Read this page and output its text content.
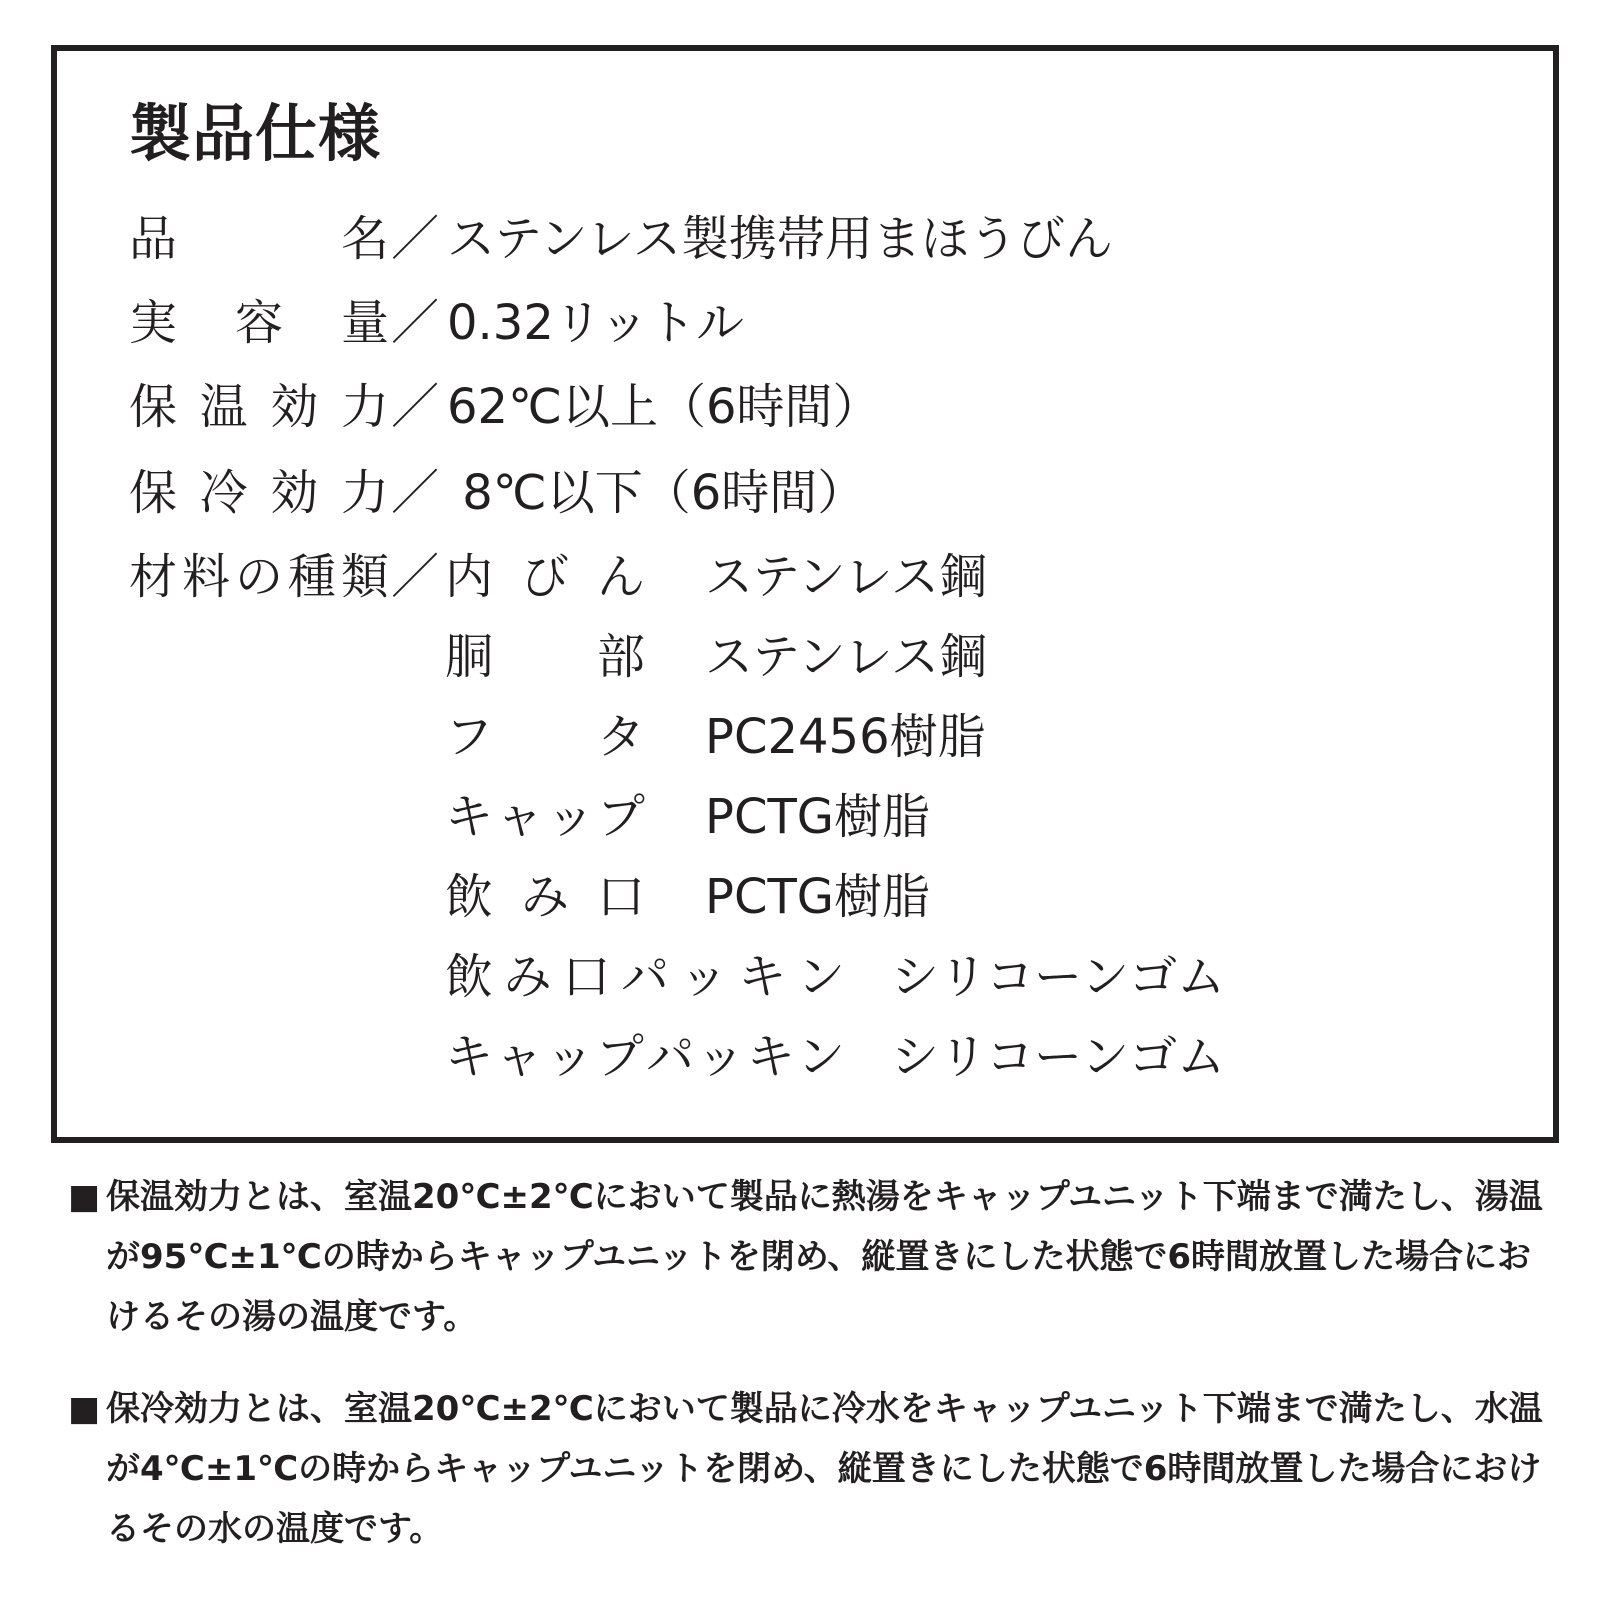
製品仕様
品	名 ／ ステンレス製携帯用まほうびん
実 容 量 ／ 0.32リットル
保 温 効 力 ／ 62℃以上（6時間）
保 冷 効 力 ／ 8℃以下（6時間）
材 料 の 種 類 ／ 内 び ん ステンレス鋼
胴 部 ステンレス鋼
フ タ PC2456樹脂
キ ャ ッ プ PCTG樹脂
飲 み 口 PCTG樹脂
飲 み 口 パ ッ キ ン シリコーンゴム
キ ャ ッ プ パ ッ キ ン シリコーンゴム
■ 保温効力とは、室温20℃±2℃において製品に熱湯をキャップユニット下端まで満たし、湯温が95℃±1℃の時からキャップユニットを閉め、縦置きにした状態で6時間放置した場合におけるその湯の温度です。
■ 保冷効力とは、室温20℃±2℃において製品に冷水をキャップユニット下端まで満たし、水温が4℃±1℃の時からキャップユニットを閉め、縦置きにした状態で6時間放置した場合におけるその水の温度です。
